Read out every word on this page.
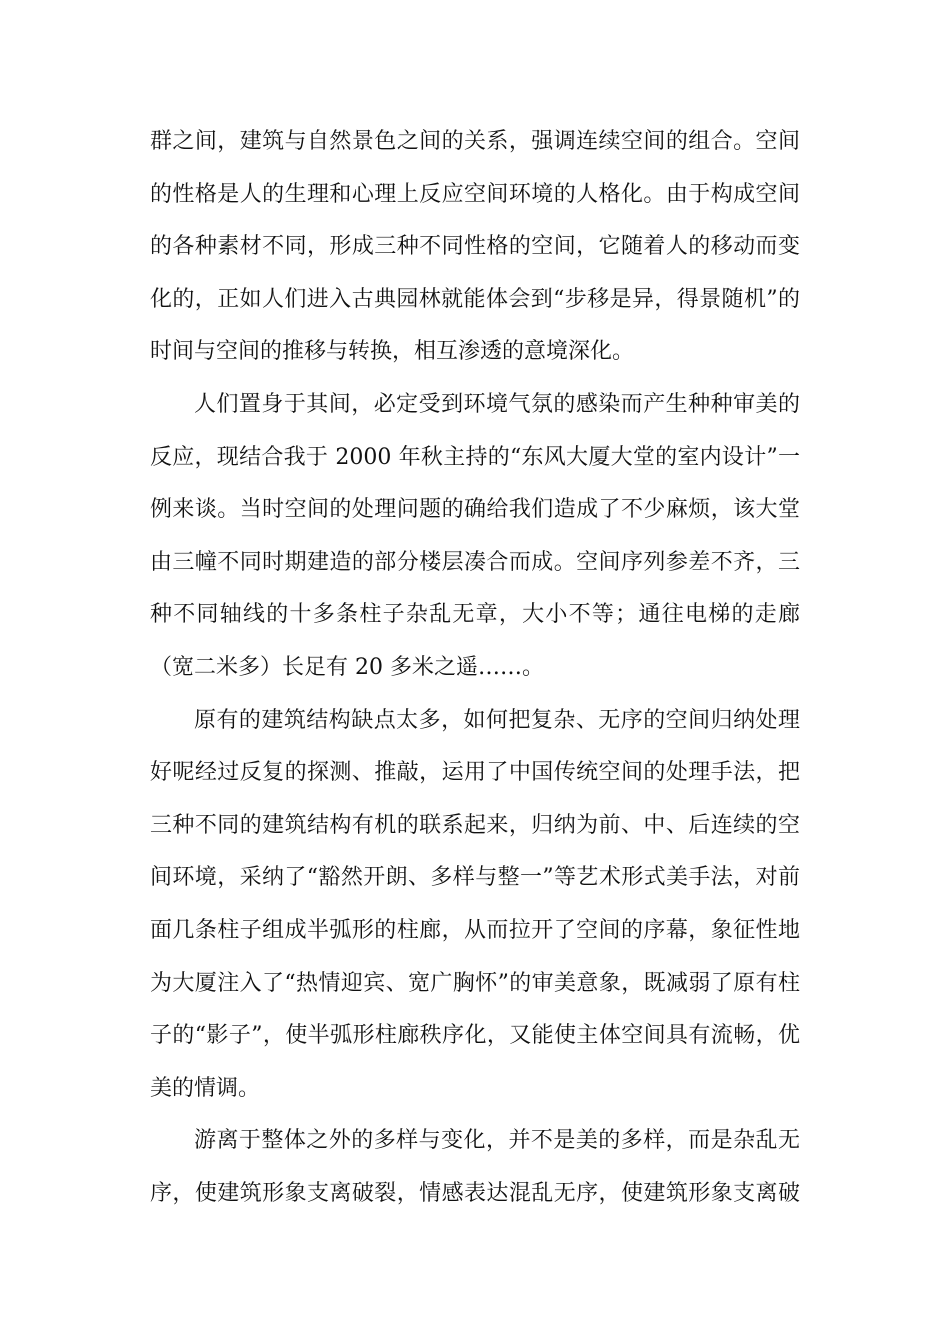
群之间，建筑与自然景色之间的关系，强调连续空间的组合。空间
的性格是人的生理和心理上反应空间环境的人格化。由于构成空间
的各种素材不同，形成三种不同性格的空间，它随着人的移动而变
化的，正如人们进入古典园林就能体会到“步移是异，得景随机”的
时间与空间的推移与转换，相互渗透的意境深化。
人们置身于其间，必定受到环境气氛的感染而产生种种审美的
反应，现结合我于 2000 年秋主持的“东风大厦大堂的室内设计”一
例来谈。当时空间的处理问题的确给我们造成了不少麻烦，该大堂
由三幢不同时期建造的部分楼层凑合而成。空间序列参差不齐，三
种不同轴线的十多条柱子杂乱无章，大小不等；通往电梯的走廊
（宽二米多）长足有 20 多米之遥……。
原有的建筑结构缺点太多，如何把复杂、无序的空间归纳处理
好呢经过反复的探测、推敲，运用了中国传统空间的处理手法，把
三种不同的建筑结构有机的联系起来，归纳为前、中、后连续的空
间环境，采纳了“豁然开朗、多样与整一”等艺术形式美手法，对前
面几条柱子组成半弧形的柱廊，从而拉开了空间的序幕，象征性地
为大厦注入了“热情迎宾、宽广胸怀”的审美意象，既减弱了原有柱
子的“影子”，使半弧形柱廊秩序化，又能使主体空间具有流畅，优
美的情调。
游离于整体之外的多样与变化，并不是美的多样，而是杂乱无
序，使建筑形象支离破裂，情感表达混乱无序，使建筑形象支离破
